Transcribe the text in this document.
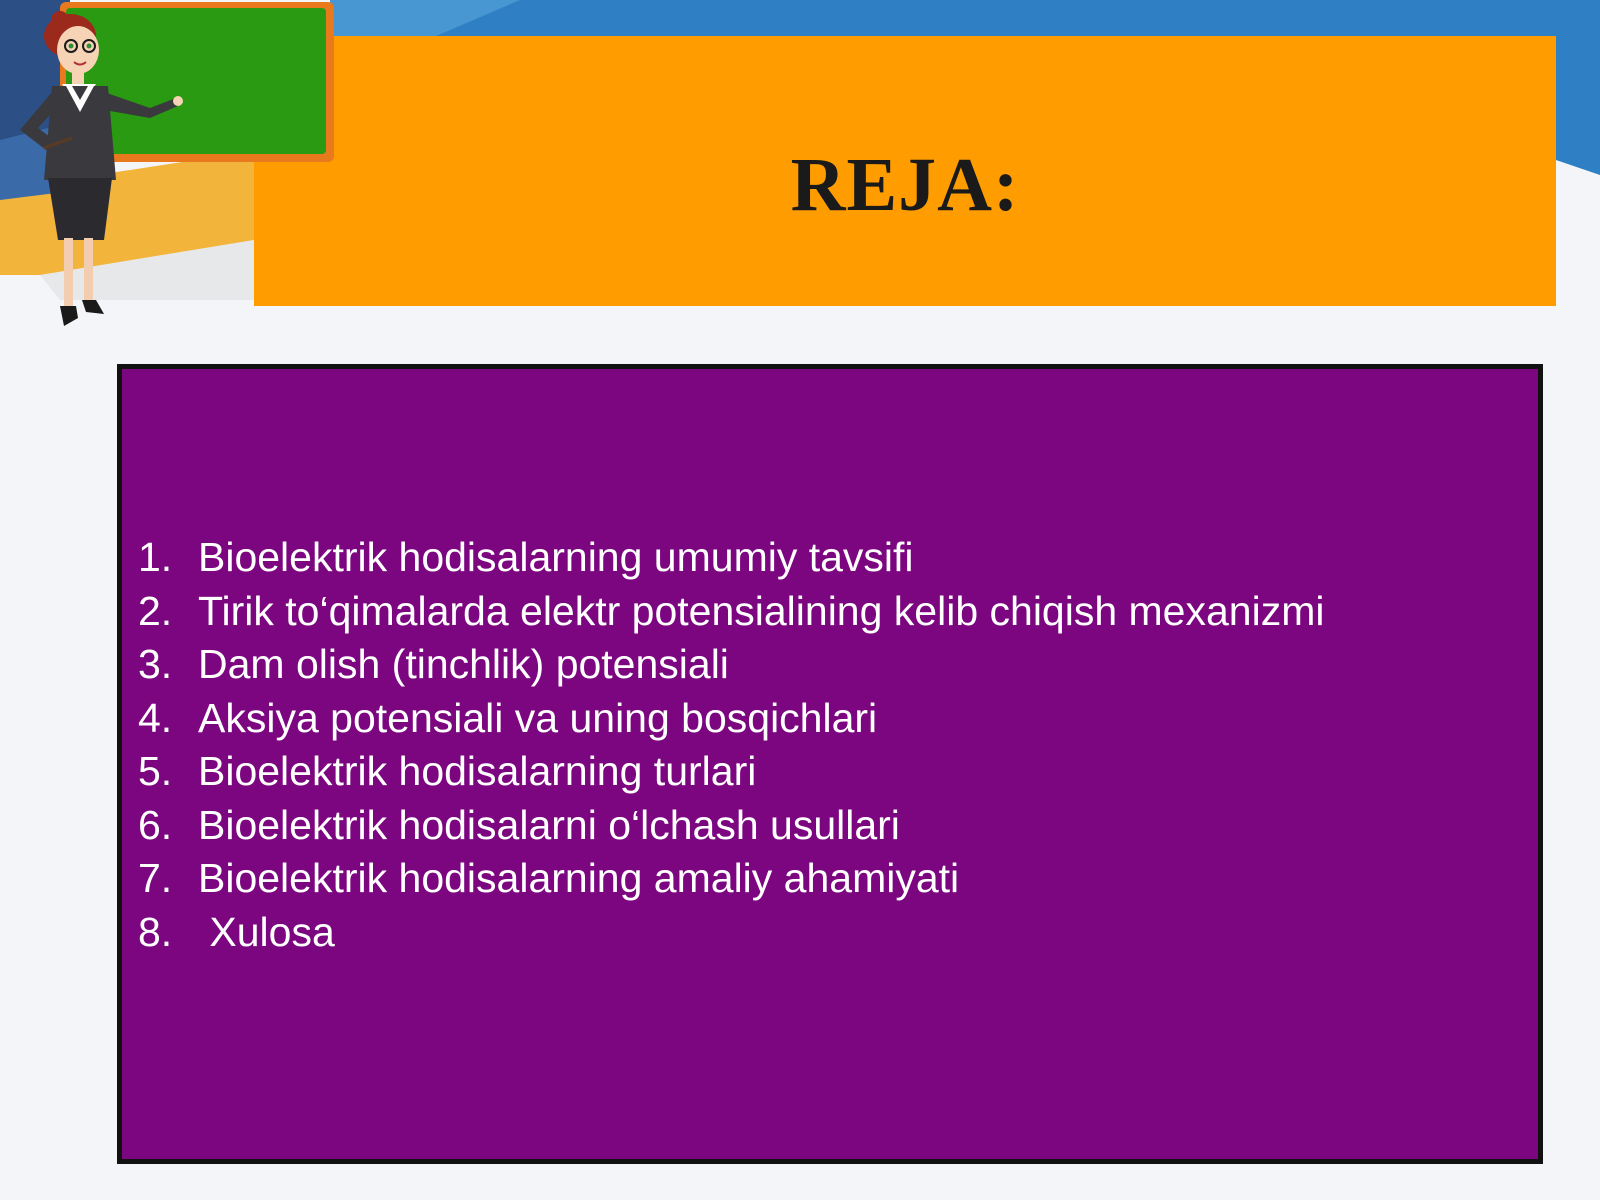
REJA:
1. Bioelektrik hodisalarning umumiy tavsifi
2. Tirik to‘qimalarda elektr potensialining kelib chiqish mexanizmi
3. Dam olish (tinchlik) potensiali
4. Aksiya potensiali va uning bosqichlari
5. Bioelektrik hodisalarning turlari
6. Bioelektrik hodisalarni o‘lchash usullari
7. Bioelektrik hodisalarning amaliy ahamiyati
8. Xulosa
